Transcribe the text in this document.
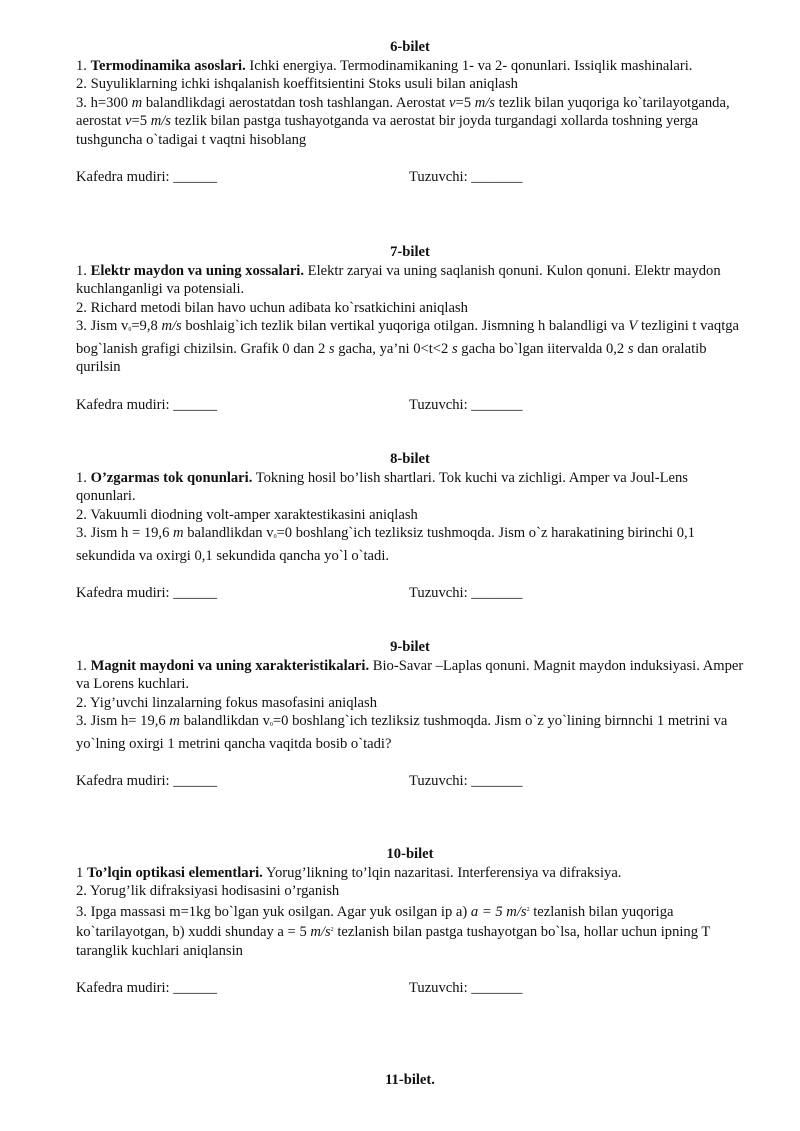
6-bilet

1. Termodinamika asoslari. Ichki energiya. Termodinamikaning 1- va 2- qonunlari. Issiqlik mashinalari.

2. Suyuliklarning ichki ishqalanish koeffitsientini Stoks usuli bilan aniqlash

3. h=300 m balandlikdagi aerostatdan tosh tashlangan. Aerostat v=5 m/s tezlik bilan yuqoriga ko`tarilayotganda, aerostat v=5 m/s tezlik bilan pastga tushayotganda va aerostat bir joyda turgandagi xollarda toshning yerga tushguncha o`tadigai t vaqtni hisoblang

Kafedra mudiri: ______	Tuzuvchi: _______

7-bilet

1. Elektr maydon va uning xossalari. Elektr zaryai va uning saqlanish qonuni. Kulon qonuni. Elektr maydon kuchlanganligi va potensiali.

2. Richard metodi bilan havo uchun adibata ko`rsatkichini aniqlash

3. Jism $v_0=9,8$ m/s boshlaig`ich tezlik bilan vertikal yuqoriga otilgan. Jismning h balandligi va V tezligini t vaqtga bog`lanish grafigi chizilsin. Grafik 0 dan 2 s gacha, ya’ni 0<t<2 s gacha bo`lgan iitervalda 0,2 s dan oralatib qurilsin

Kafedra mudiri: ______	Tuzuvchi: _______

8-bilet

1. O’zgarmas tok qonunlari. Tokning hosil bo’lish shartlari. Tok kuchi va zichligi. Amper va Joul-Lens qonunlari.

2. Vakuumli diodning volt-amper xaraktestikasini aniqlash

3. Jism h = 19,6 m balandlikdan $v_0=0$ boshlang`ich tezliksiz tushmoqda. Jism o`z harakatining birinchi 0,1 sekundida va oxirgi 0,1 sekundida qancha yo`l o`tadi.

Kafedra mudiri: ______	Tuzuvchi: _______

9-bilet

1. Magnit maydoni va uning xarakteristikalari. Bio-Savar –Laplas qonuni. Magnit maydon induksiyasi. Amper va Lorens kuchlari.

2. Yig’uvchi linzalarning fokus masofasini aniqlash

3. Jism h= 19,6 m balandlikdan $v_0=0$ boshlang`ich tezliksiz tushmoqda. Jism o`z yo`lining birnnchi 1 metrini va yo`lning oxirgi 1 metrini qancha vaqitda bosib o`tadi?

Kafedra mudiri: ______	Tuzuvchi: _______

10-bilet

1 To’lqin optikasi elementlari. Yorug’likning to’lqin nazaritasi. Interferensiya va difraksiya.

2. Yorug’lik difraksiyasi hodisasini o’rganish

3. Ipga massasi m=1kg bo`lgan yuk osilgan. Agar yuk osilgan ip a) a = 5 $m/s^2$ tezlanish bilan yuqoriga ko`tarilayotgan, b) xuddi shunday a = 5 $m/s^2$ tezlanish bilan pastga tushayotgan bo`lsa, hollar uchun ipning T taranglik kuchlari aniqlansin

Kafedra mudiri: ______	Tuzuvchi: _______

11-bilet.
